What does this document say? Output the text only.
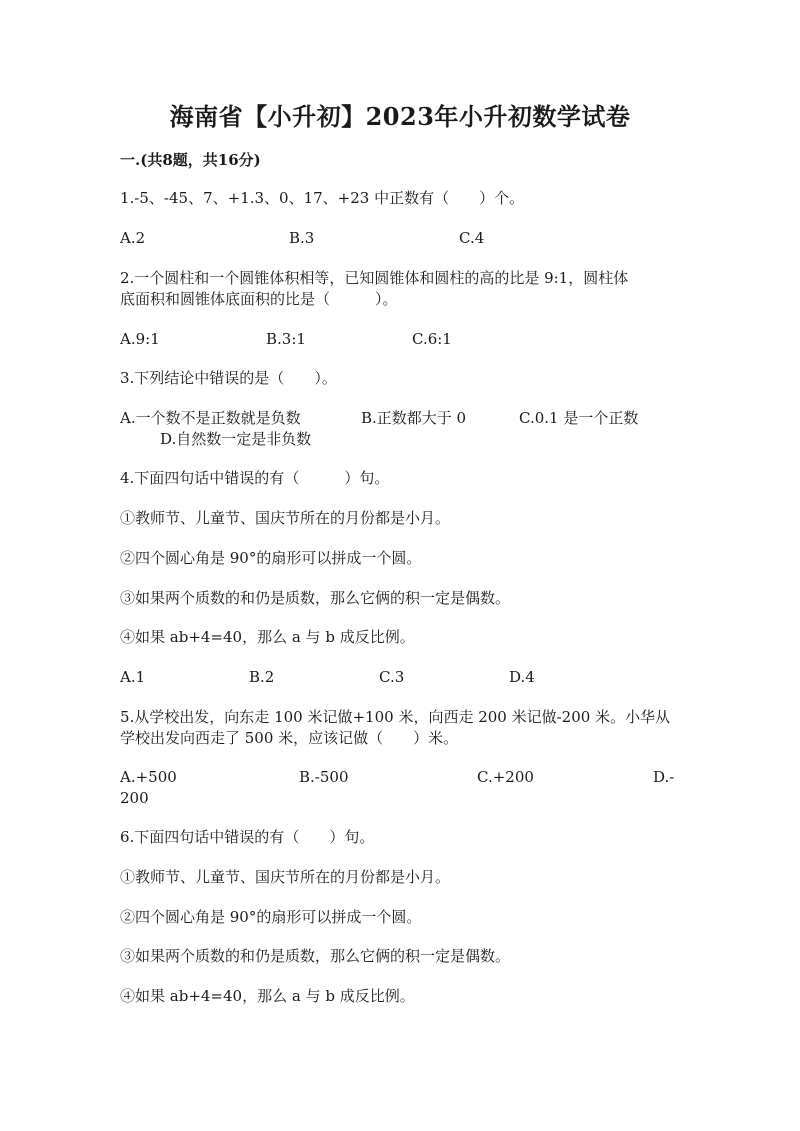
海南省【小升初】2023年小升初数学试卷
一.(共8题，共16分)
1.-5、-45、7、+1.3、0、17、+23 中正数有（　　）个。
A.2	B.3	C.4
2.一个圆柱和一个圆锥体积相等，已知圆锥体和圆柱的高的比是 9:1，圆柱体
底面积和圆锥体底面积的比是（　　　）。
A.9:1	B.3:1	C.6:1
3.下列结论中错误的是（　　）。
A.一个数不是正数就是负数	B.正数都大于 0	C.0.1 是一个正数
D.自然数一定是非负数
4.下面四句话中错误的有（　　　）句。
①教师节、儿童节、国庆节所在的月份都是小月。
②四个圆心角是 90°的扇形可以拼成一个圆。
③如果两个质数的和仍是质数，那么它俩的积一定是偶数。
④如果 ab+4=40，那么 a 与 b 成反比例。
A.1	B.2	C.3	D.4
5.从学校出发，向东走 100 米记做+100 米，向西走 200 米记做-200 米。小华从
学校出发向西走了 500 米，应该记做（　　）米。
A.+500	B.-500	C.+200	D.-
200
6.下面四句话中错误的有（　　）句。
①教师节、儿童节、国庆节所在的月份都是小月。
②四个圆心角是 90°的扇形可以拼成一个圆。
③如果两个质数的和仍是质数，那么它俩的积一定是偶数。
④如果 ab+4=40，那么 a 与 b 成反比例。
